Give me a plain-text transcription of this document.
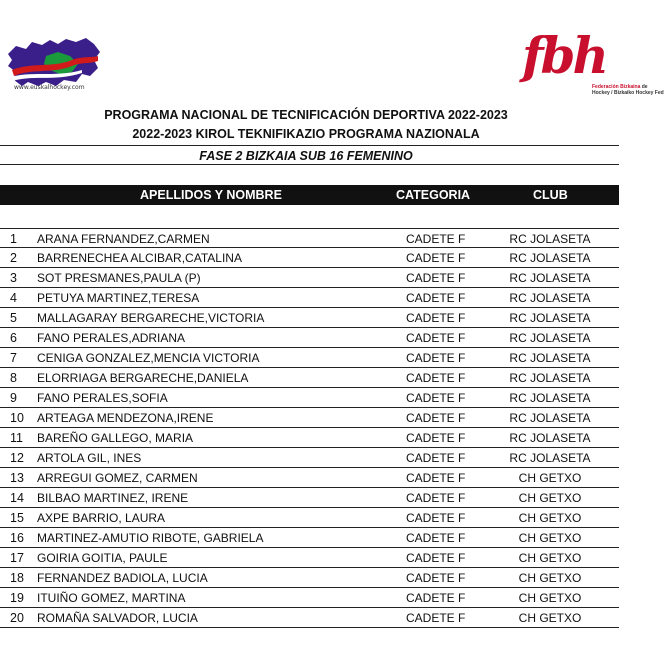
www.euskalhockey.com
fbh
Federación Bizkaina de
Hockey / Bizkaiko Hockey Fed
PROGRAMA NACIONAL DE TECNIFICACIÓN DEPORTIVA 2022-2023
2022-2023 KIROL TEKNIFIKAZIO PROGRAMA NAZIONALA
FASE 2 BIZKAIA SUB 16 FEMENINO
APELLIDOS Y NOMBRE	CATEGORIA	CLUB
1	ARANA FERNANDEZ,CARMEN	CADETE F	RC JOLASETA
2	BARRENECHEA ALCIBAR,CATALINA	CADETE F	RC JOLASETA
3	SOT PRESMANES,PAULA (P)	CADETE F	RC JOLASETA
4	PETUYA MARTINEZ,TERESA	CADETE F	RC JOLASETA
5	MALLAGARAY BERGARECHE,VICTORIA	CADETE F	RC JOLASETA
6	FANO PERALES,ADRIANA	CADETE F	RC JOLASETA
7	CENIGA GONZALEZ,MENCIA VICTORIA	CADETE F	RC JOLASETA
8	ELORRIAGA BERGARECHE,DANIELA	CADETE F	RC JOLASETA
9	FANO PERALES,SOFIA	CADETE F	RC JOLASETA
10 ARTEAGA MENDEZONA,IRENE	CADETE F	RC JOLASETA
11 BAREÑO GALLEGO, MARIA	CADETE F	RC JOLASETA
12 ARTOLA GIL, INES	CADETE F	RC JOLASETA
13 ARREGUI GOMEZ, CARMEN	CADETE F	CH GETXO
14 BILBAO MARTINEZ, IRENE	CADETE F	CH GETXO
15 AXPE BARRIO, LAURA	CADETE F	CH GETXO
16 MARTINEZ-AMUTIO RIBOTE, GABRIELA	CADETE F	CH GETXO
17 GOIRIA GOITIA, PAULE	CADETE F	CH GETXO
18 FERNANDEZ BADIOLA, LUCIA	CADETE F	CH GETXO
19 ITUIÑO GOMEZ, MARTINA	CADETE F	CH GETXO
20 ROMAÑA SALVADOR, LUCIA	CADETE F	CH GETXO
